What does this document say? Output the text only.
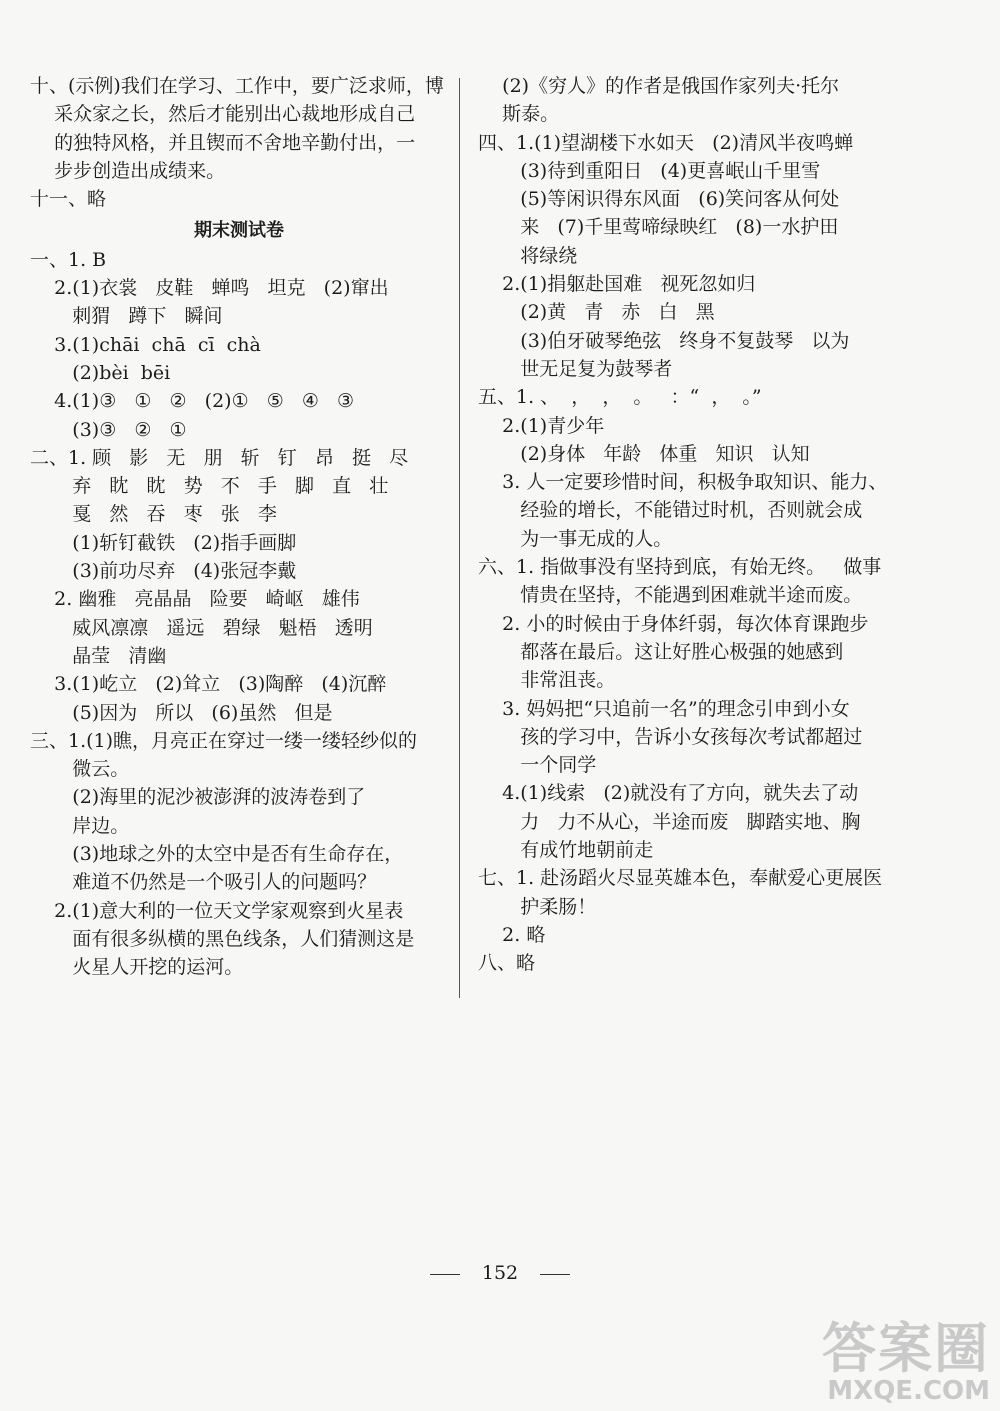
十、(示例)我们在学习、工作中，要广泛求师，博
采众家之长，然后才能别出心裁地形成自己
的独特风格，并且锲而不舍地辛勤付出，一
步步创造出成绩来。
十一、略
期末测试卷
一、1. B
2.(1)衣裳   皮鞋   蝉鸣   坦克   (2)窜出
刺猬   蹲下   瞬间
3.(1)chāi  chā  cī  chà
(2)bèi  bēi
4.(1)③   ①   ②   (2)①   ⑤   ④   ③
(3)③   ②   ①
二、1. 顾   影   无   朋   斩   钉   昂   挺   尽
弃   眈   眈   势   不   手   脚   直   壮
戛   然   吞   枣   张   李
(1)斩钉截铁   (2)指手画脚
(3)前功尽弃   (4)张冠李戴
2. 幽雅   亮晶晶   险要   崎岖   雄伟
威风凛凛   遥远   碧绿   魁梧   透明
晶莹   清幽
3.(1)屹立   (2)耸立   (3)陶醉   (4)沉醉
(5)因为   所以   (6)虽然   但是
三、1.(1)瞧，月亮正在穿过一缕一缕轻纱似的
微云。
(2)海里的泥沙被澎湃的波涛卷到了
岸边。
(3)地球之外的太空中是否有生命存在，
难道不仍然是一个吸引人的问题吗？
2.(1)意大利的一位天文学家观察到火星表
面有很多纵横的黑色线条，人们猜测这是
火星人开挖的运河。
(2)《穷人》的作者是俄国作家列夫·托尔
斯泰。
四、1.(1)望湖楼下水如天   (2)清风半夜鸣蝉
(3)待到重阳日   (4)更喜岷山千里雪
(5)等闲识得东风面   (6)笑问客从何处
来   (7)千里莺啼绿映红   (8)一水护田
将绿绕
2.(1)捐躯赴国难   视死忽如归
(2)黄   青   赤   白   黑
(3)伯牙破琴绝弦   终身不复鼓琴   以为
世无足复为鼓琴者
五、1. 、  ，  ，  。   ：“  ，  。”
2.(1)青少年
(2)身体   年龄   体重   知识   认知
3. 人一定要珍惜时间，积极争取知识、能力、
经验的增长，不能错过时机，否则就会成
为一事无成的人。
六、1. 指做事没有坚持到底，有始无终。   做事
情贵在坚持，不能遇到困难就半途而废。
2. 小的时候由于身体纤弱，每次体育课跑步
都落在最后。这让好胜心极强的她感到
非常沮丧。
3. 妈妈把“只追前一名”的理念引申到小女
孩的学习中，告诉小女孩每次考试都超过
一个同学
4.(1)线索   (2)就没有了方向，就失去了动
力   力不从心，半途而废   脚踏实地、胸
有成竹地朝前走
七、1. 赴汤蹈火尽显英雄本色，奉献爱心更展医
护柔肠！
2. 略
八、略
152
答案圈
MXQE.COM
